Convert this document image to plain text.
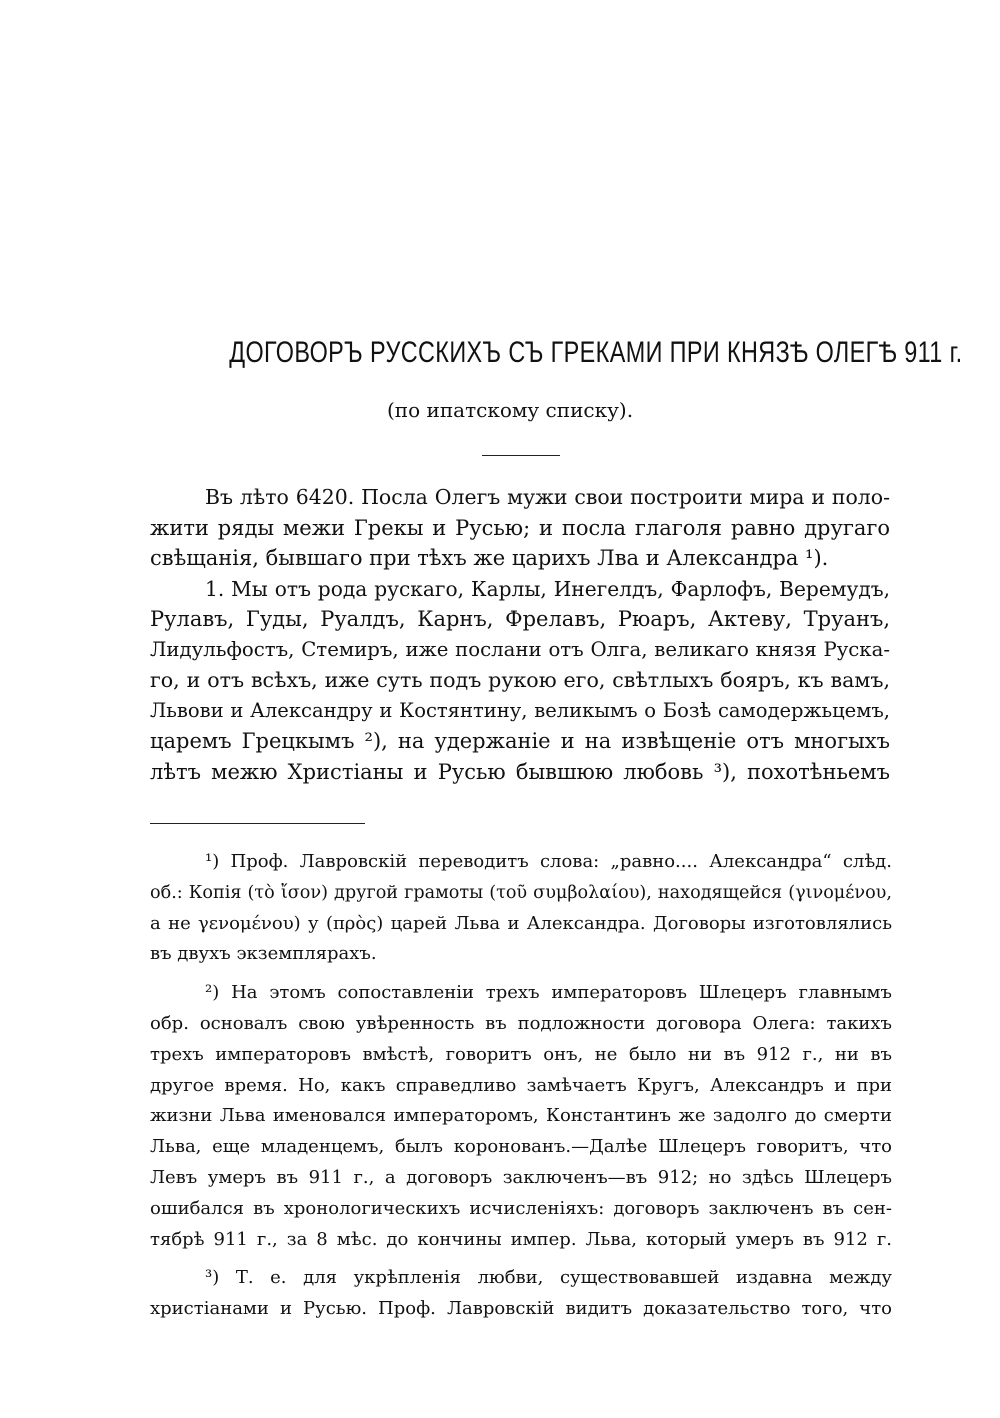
ДОГОВОРЪ РУССКИХЪ СЪ ГРЕКАМИ ПРИ КНЯЗѢ ОЛЕГѢ 911 г.
(по ипатскому списку).
Въ лѣто 6420. Посла Олегъ мужи свои построити мира и поло-
жити ряды межи Грекы и Русью; и посла глаголя равно другаго
свѣщанія, бывшаго при тѣхъ же царихъ Лва и Александра ¹).
1. Мы отъ рода рускаго, Карлы, Инегелдъ, Фарлофъ, Веремудъ,
Рулавъ, Гуды, Руалдъ, Карнъ, Фрелавъ, Рюаръ, Актеву, Труанъ,
Лидульфостъ, Стемиръ, иже послани отъ Олга, великаго князя Руска-
го, и отъ всѣхъ, иже суть подъ рукою его, свѣтлыхъ бояръ, къ вамъ,
Львови и Александру и Костянтину, великымъ о Бозѣ самодержьцемъ,
царемъ Грецкымъ ²), на удержаніе и на извѣщеніе отъ многыхъ
лѣтъ межю Христіаны и Русью бывшюю любовь ³), похотѣньемъ
¹) Проф. Лавровскій переводитъ слова: „равно.... Александра“ слѣд.
об.: Копія (τὸ ἴσον) другой грамоты (τοῦ συμβολαίου), находящейся (γινομένου,
а не γενομένου) у (πρὸς) царей Льва и Александра. Договоры изготовлялись
въ двухъ экземплярахъ.
²) На этомъ сопоставленіи трехъ императоровъ Шлецеръ главнымъ
обр. основалъ свою увѣренность въ подложности договора Олега: такихъ
трехъ императоровъ вмѣстѣ, говоритъ онъ, не было ни въ 912 г., ни въ
другое время. Но, какъ справедливо замѣчаетъ Кругъ, Александръ и при
жизни Льва именовался императоромъ, Константинъ же задолго до смерти
Льва, еще младенцемъ, былъ коронованъ.—Далѣе Шлецеръ говоритъ, что
Левъ умеръ въ 911 г., а договоръ заключенъ—въ 912; но здѣсь Шлецеръ
ошибался въ хронологическихъ исчисленіяхъ: договоръ заключенъ въ сен-
тябрѣ 911 г., за 8 мѣс. до кончины импер. Льва, который умеръ въ 912 г.
³) Т. е. для укрѣпленія любви, существовавшей издавна между
христіанами и Русью. Проф. Лавровскій видитъ доказательство того, что
